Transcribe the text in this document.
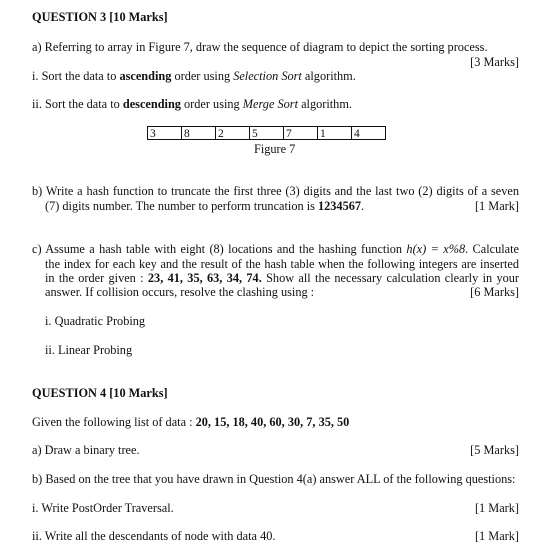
QUESTION 3 [10 Marks]
a) Referring to array in Figure 7, draw the sequence of diagram to depict the sorting process.
[3 Marks]
i. Sort the data to ascending order using Selection Sort algorithm.
ii. Sort the data to descending order using Merge Sort algorithm.
3	8	2	5	7	1	4
Figure 7
b) Write a hash function to truncate the first three (3) digits and the last two (2) digits of a seven
(7) digits number. The number to perform truncation is 1234567.	[1 Mark]
c) Assume a hash table with eight (8) locations and the hashing function h(x) = x%8. Calculate
the index for each key and the result of the hash table when the following integers are inserted
in the order given : 23, 41, 35, 63, 34, 74. Show all the necessary calculation clearly in your
answer. If collision occurs, resolve the clashing using :	[6 Marks]
i. Quadratic Probing
ii. Linear Probing
QUESTION 4 [10 Marks]
Given the following list of data : 20, 15, 18, 40, 60, 30, 7, 35, 50
a) Draw a binary tree.	[5 Marks]
b) Based on the tree that you have drawn in Question 4(a) answer ALL of the following questions:
i. Write PostOrder Traversal.	[1 Mark]
ii. Write all the descendants of node with data 40.	[1 Mark]
